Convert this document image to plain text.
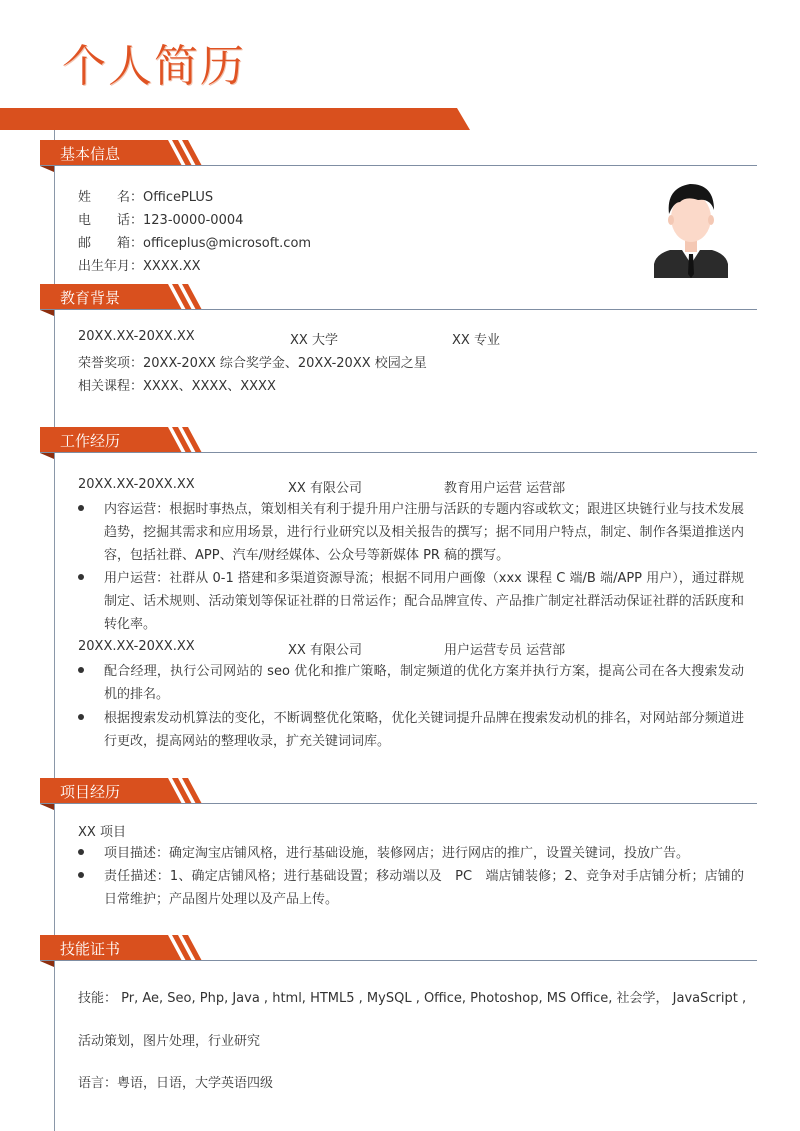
个人简历
基本信息
姓　　名：OfficePLUS
电　　话：123-0000-0004
邮　　箱：officeplus@microsoft.com
出生年月：XXXX.XX
教育背景
20XX.XX-20XX.XX	XX 大学	XX 专业
荣誉奖项：20XX-20XX 综合奖学金、20XX-20XX 校园之星
相关课程：XXXX、XXXX、XXXX
工作经历
20XX.XX-20XX.XX	XX 有限公司	教育用户运营 运营部
内容运营：根据时事热点，策划相关有利于提升用户注册与活跃的专题内容或软文；跟进区块链行业与技术发展趋势，挖掘其需求和应用场景，进行行业研究以及相关报告的撰写；据不同用户特点，制定、制作各渠道推送内容，包括社群、APP、汽车/财经媒体、公众号等新媒体 PR 稿的撰写。
用户运营：社群从 0-1 搭建和多渠道资源导流；根据不同用户画像（xxx 课程 C 端/B 端/APP 用户），通过群规制定、话术规则、活动策划等保证社群的日常运作；配合品牌宣传、产品推广制定社群活动保证社群的活跃度和转化率。
20XX.XX-20XX.XX	XX 有限公司	用户运营专员 运营部
配合经理，执行公司网站的 seo 优化和推广策略，制定频道的优化方案并执行方案，提高公司在各大搜索发动机的排名。
根据搜索发动机算法的变化，不断调整优化策略，优化关键词提升品牌在搜索发动机的排名，对网站部分频道进行更改，提高网站的整理收录，扩充关键词词库。
项目经历
XX 项目
项目描述：确定淘宝店铺风格，进行基础设施，装修网店；进行网店的推广，设置关键词，投放广告。
责任描述：1、确定店铺风格；进行基础设置；移动端以及　PC　端店铺装修；2、竞争对手店铺分析；店铺的日常维护；产品图片处理以及产品上传。
技能证书
技能： Pr, Ae, Seo, Php, Java , html, HTML5 , MySQL , Office, Photoshop, MS Office, 社会学， JavaScript ,
活动策划，图片处理，行业研究
语言：粤语，日语，大学英语四级
